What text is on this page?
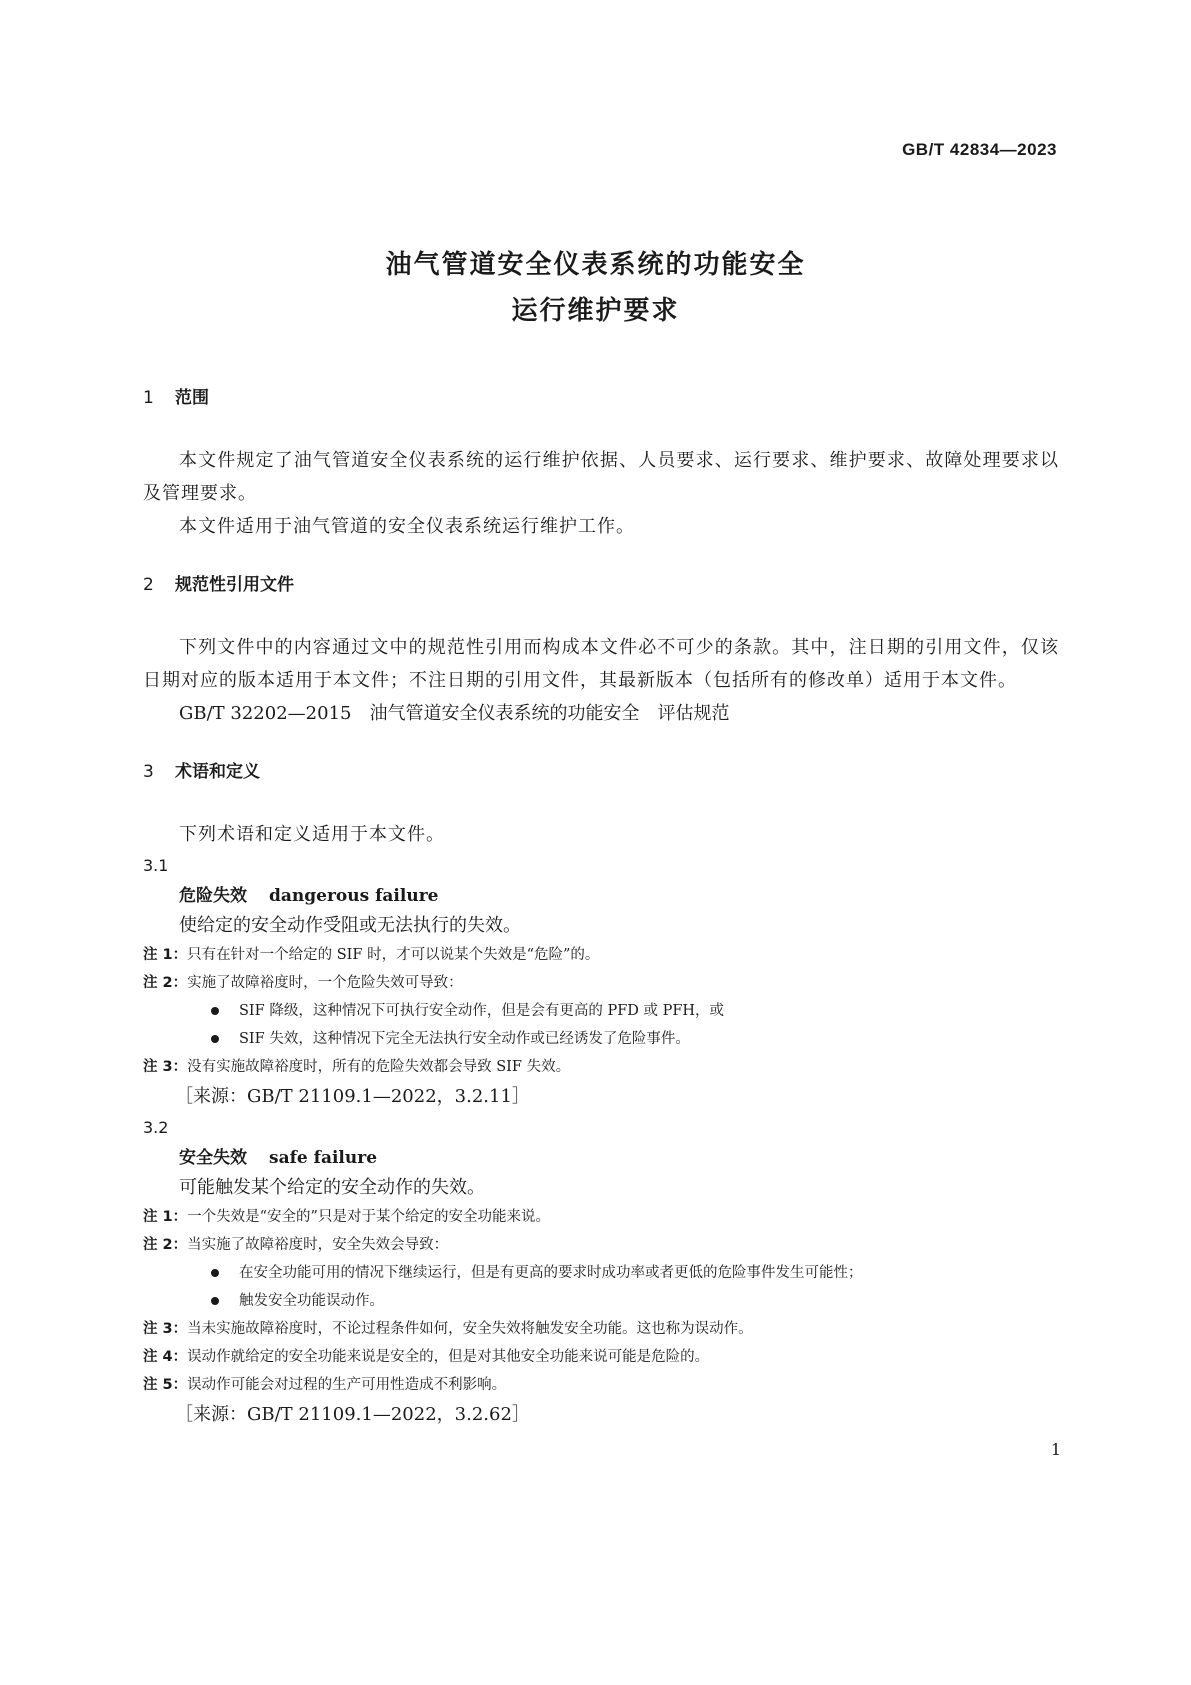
GB/T 42834—2023
油气管道安全仪表系统的功能安全
运行维护要求
1 范围
本文件规定了油气管道安全仪表系统的运行维护依据、人员要求、运行要求、维护要求、故障处理要求以及管理要求。
本文件适用于油气管道的安全仪表系统运行维护工作。
2 规范性引用文件
下列文件中的内容通过文中的规范性引用而构成本文件必不可少的条款。其中，注日期的引用文件，仅该日期对应的版本适用于本文件；不注日期的引用文件，其最新版本（包括所有的修改单）适用于本文件。
GB/T 32202—2015　油气管道安全仪表系统的功能安全　评估规范
3 术语和定义
下列术语和定义适用于本文件。
3.1
危险失效 dangerous failure
使给定的安全动作受阻或无法执行的失效。
注 1：只有在针对一个给定的 SIF 时，才可以说某个失效是“危险”的。
注 2：实施了故障裕度时，一个危险失效可导致：
SIF 降级，这种情况下可执行安全动作，但是会有更高的 PFD 或 PFH，或
SIF 失效，这种情况下完全无法执行安全动作或已经诱发了危险事件。
注 3：没有实施故障裕度时，所有的危险失效都会导致 SIF 失效。
［来源：GB/T 21109.1—2022，3.2.11］
3.2
安全失效 safe failure
可能触发某个给定的安全动作的失效。
注 1：一个失效是“安全的”只是对于某个给定的安全功能来说。
注 2：当实施了故障裕度时，安全失效会导致：
在安全功能可用的情况下继续运行，但是有更高的要求时成功率或者更低的危险事件发生可能性；
触发安全功能误动作。
注 3：当未实施故障裕度时，不论过程条件如何，安全失效将触发安全功能。这也称为误动作。
注 4：误动作就给定的安全功能来说是安全的，但是对其他安全功能来说可能是危险的。
注 5：误动作可能会对过程的生产可用性造成不利影响。
［来源：GB/T 21109.1—2022，3.2.62］
1
